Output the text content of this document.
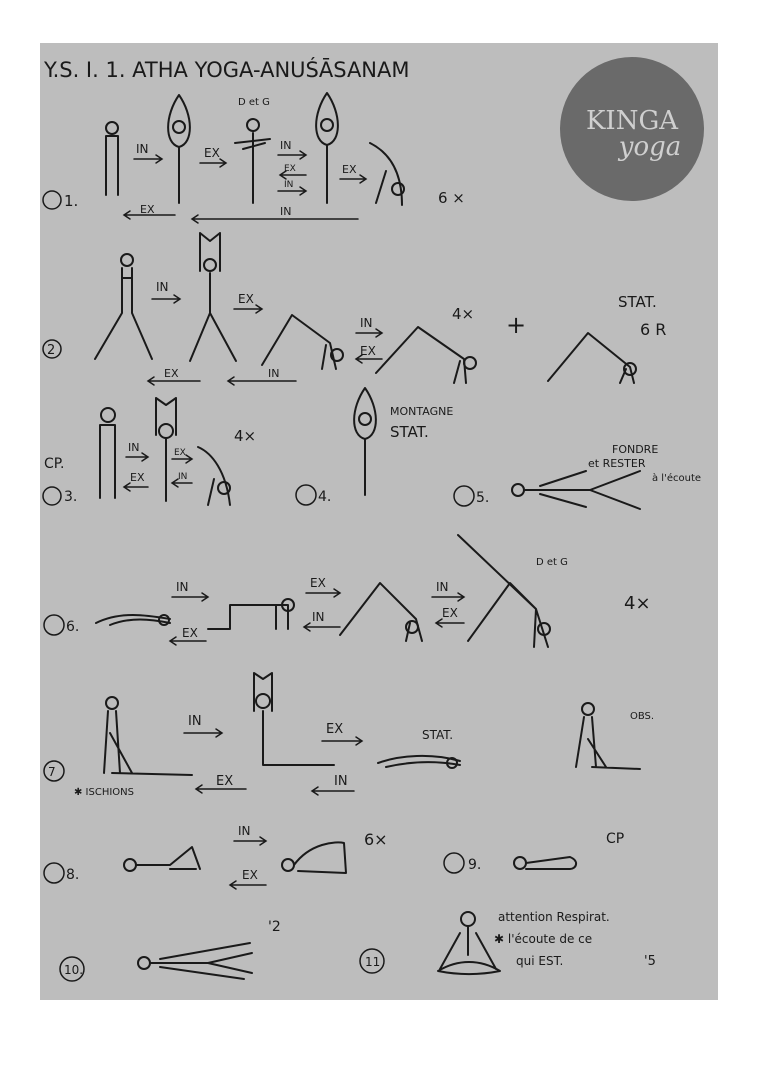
Y.S. I. 1. ATHA YOGA-ANUŚĀSANAM
KINGA
yoga
1.
IN	EX
D et G
IN
EX
IN
EX
6 ×
EX	IN
2
IN
EX
IN
EX
4× +
STAT.
6 R
EX	IN
CP.
3.
IN
EX
EX
IN
4×
4.
MONTAGNE
STAT.
5.
FONDRE
et RESTER
à l'écoute
6.
IN
EX
EX
IN
IN
EX
D et G
4×
7
✱ ISCHIONS
IN
EX
EX
IN
STAT.
OBS.
8.
IN
EX
6×
9.
CP
10.
'2
11
attention Respirat.
✱ l'écoute de ce
qui EST.	'5
